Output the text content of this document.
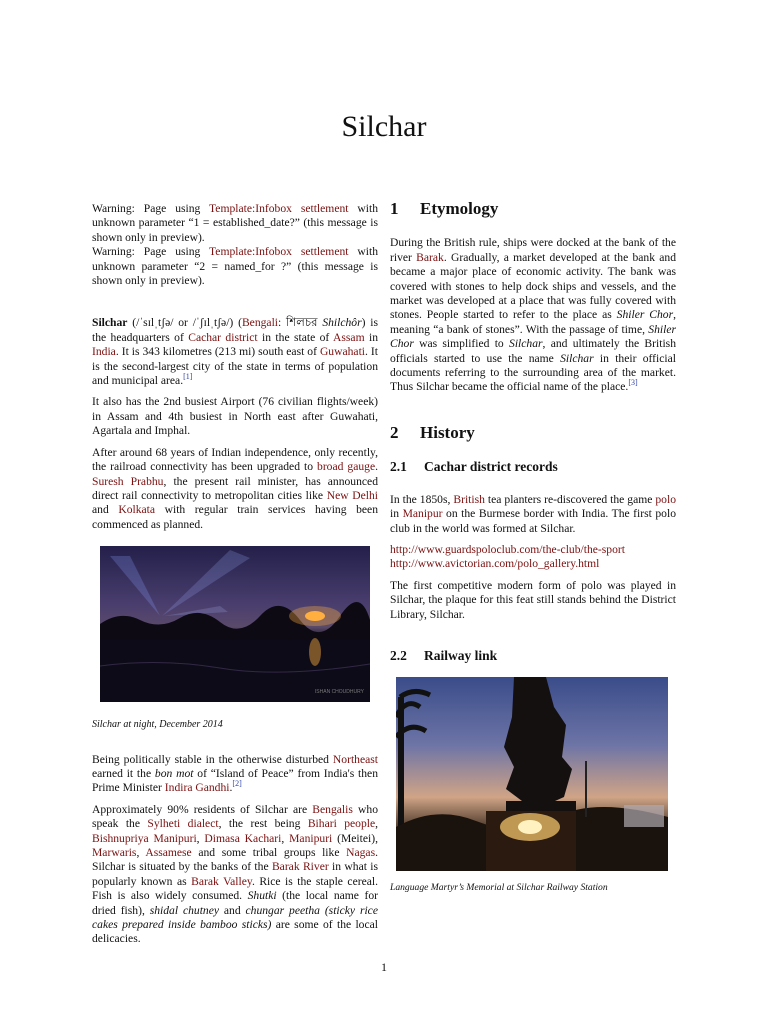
Silchar

Warning: Page using Template:Infobox settlement with unknown parameter “1 = established_date?” (this message is shown only in preview).

Warning: Page using Template:Infobox settlement with unknown parameter “2 = named_for ?” (this message is shown only in preview).

Silchar (/ˈsɪlˌtʃə/ or /ˈʃɪlˌtʃə/) (Bengali: শিলচর Shilchôr) is the headquarters of Cachar district in the state of Assam in India. It is 343 kilometres (213 mi) south east of Guwahati. It is the second-largest city of the state in terms of population and municipal area.[1]

It also has the 2nd busiest Airport (76 civilian flights/week) in Assam and 4th busiest in North east after Guwahati, Agartala and Imphal.

After around 68 years of Indian independence, only recently, the railroad connectivity has been upgraded to broad gauge. Suresh Prabhu, the present rail minister, has announced direct rail connectivity to metropolitan cities like New Delhi and Kolkata with regular train services having been commenced as planned.

ISHAN CHOUDHURY
Silchar at night, December 2014

Being politically stable in the otherwise disturbed Northeast earned it the bon mot of “Island of Peace” from India's then Prime Minister Indira Gandhi.[2]

Approximately 90% residents of Silchar are Bengalis who speak the Sylheti dialect, the rest being Bihari people, Bishnupriya Manipuri, Dimasa Kachari, Manipuri (Meitei), Marwaris, Assamese and some tribal groups like Nagas. Silchar is situated by the banks of the Barak River in what is popularly known as Barak Valley. Rice is the staple cereal. Fish is also widely consumed. Shutki (the local name for dried fish), shidal chutney and chungar peetha (sticky rice cakes prepared inside bamboo sticks) are some of the local delicacies.

1	Etymology

During the British rule, ships were docked at the bank of the river Barak. Gradually, a market developed at the bank and became a major place of economic activity. The bank was covered with stones to help dock ships and vessels, and the market was developed at a place that was fully covered with stones. People started to refer to the place as Shiler Chor, meaning “a bank of stones”. With the passage of time, Shiler Chor was simplified to Silchar, and ultimately the British officials started to use the name Silchar in their official documents referring to the surrounding area of the market. Thus Silchar became the official name of the place.[3]

2	History
2.1	Cachar district records

In the 1850s, British tea planters re-discovered the game polo in Manipur on the Burmese border with India. The first polo club in the world was formed at Silchar.

http://www.guardspoloclub.com/the-club/the-sport
http://www.avictorian.com/polo_gallery.html

The first competitive modern form of polo was played in Silchar, the plaque for this feat still stands behind the District Library, Silchar.

2.2	Railway link
Language Martyr’s Memorial at Silchar Railway Station
1
